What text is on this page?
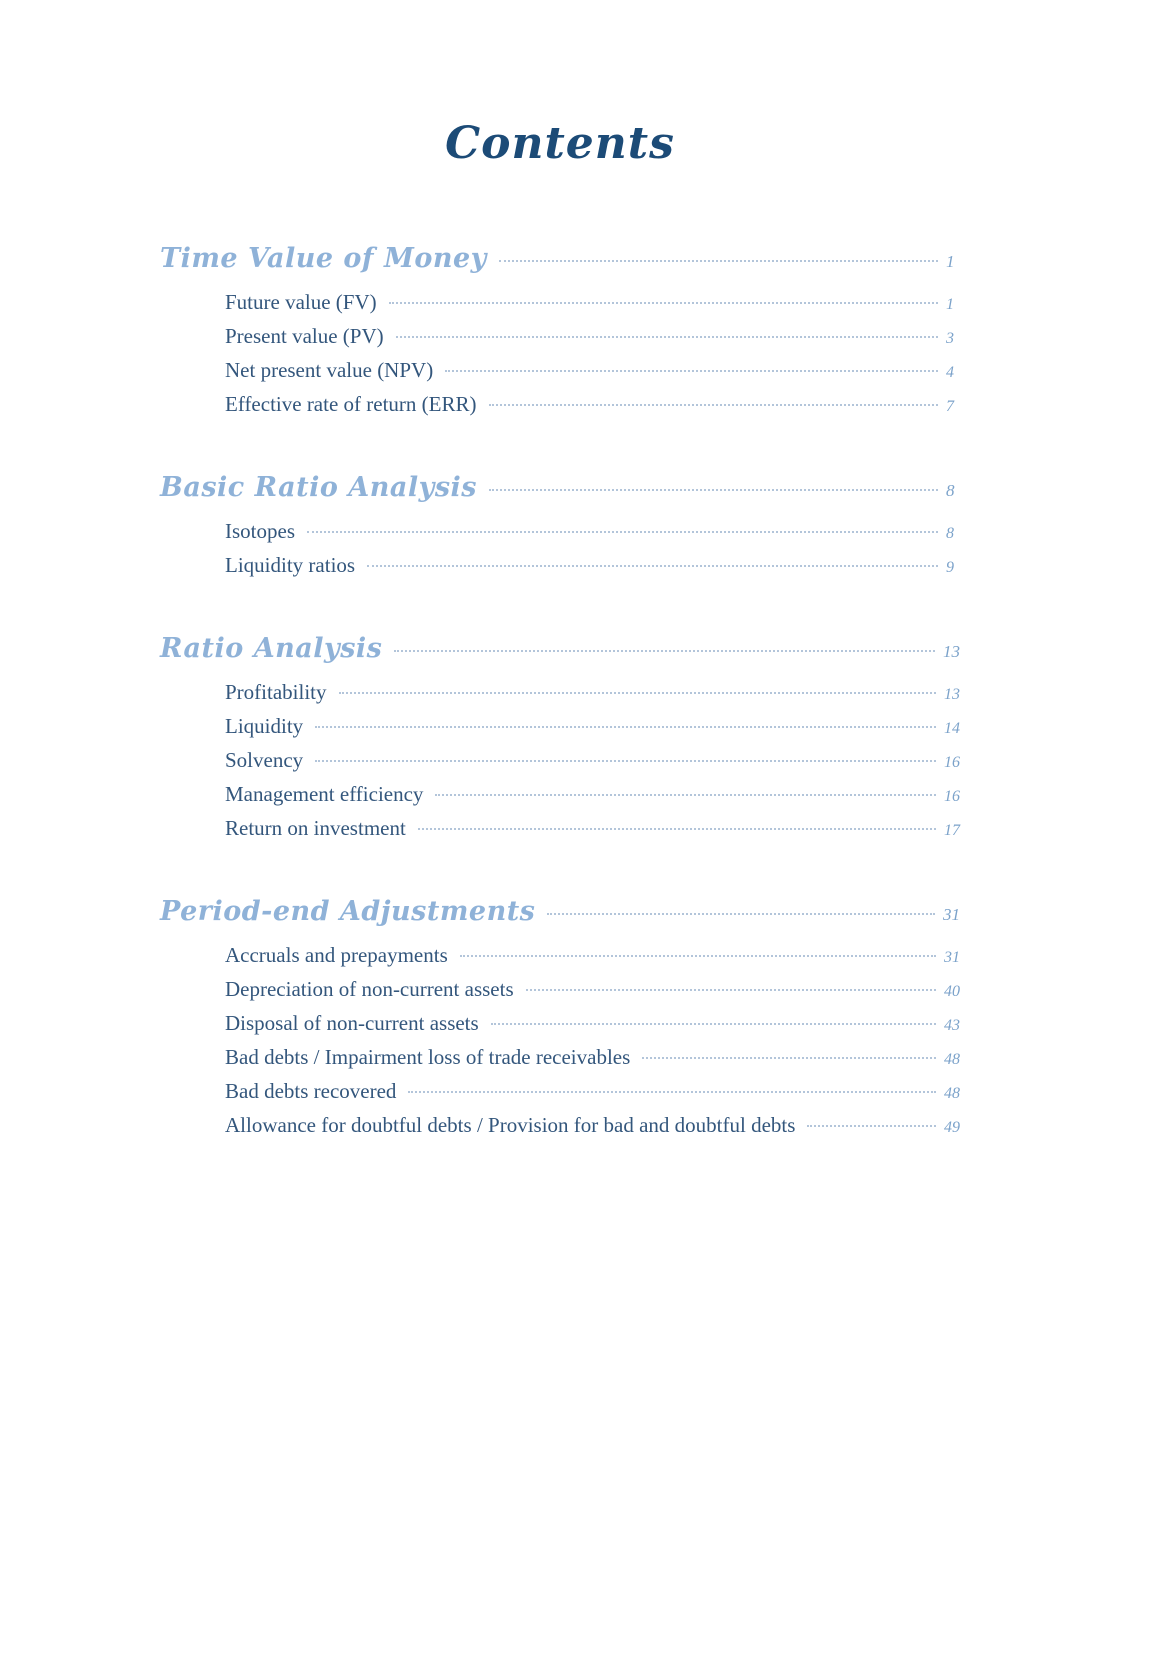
Contents
Time Value of Money	1
Future value (FV)	1
Present value (PV)	3
Net present value (NPV)	4
Effective rate of return (ERR)	7
Basic Ratio Analysis	8
Isotopes	8
Liquidity ratios	9
Ratio Analysis	13
Profitability	13
Liquidity	14
Solvency	16
Management efficiency	16
Return on investment	17
Period-end Adjustments	31
Accruals and prepayments	31
Depreciation of non-current assets	40
Disposal of non-current assets	43
Bad debts / Impairment loss of trade receivables	48
Bad debts recovered	48
Allowance for doubtful debts / Provision for bad and doubtful debts	49
